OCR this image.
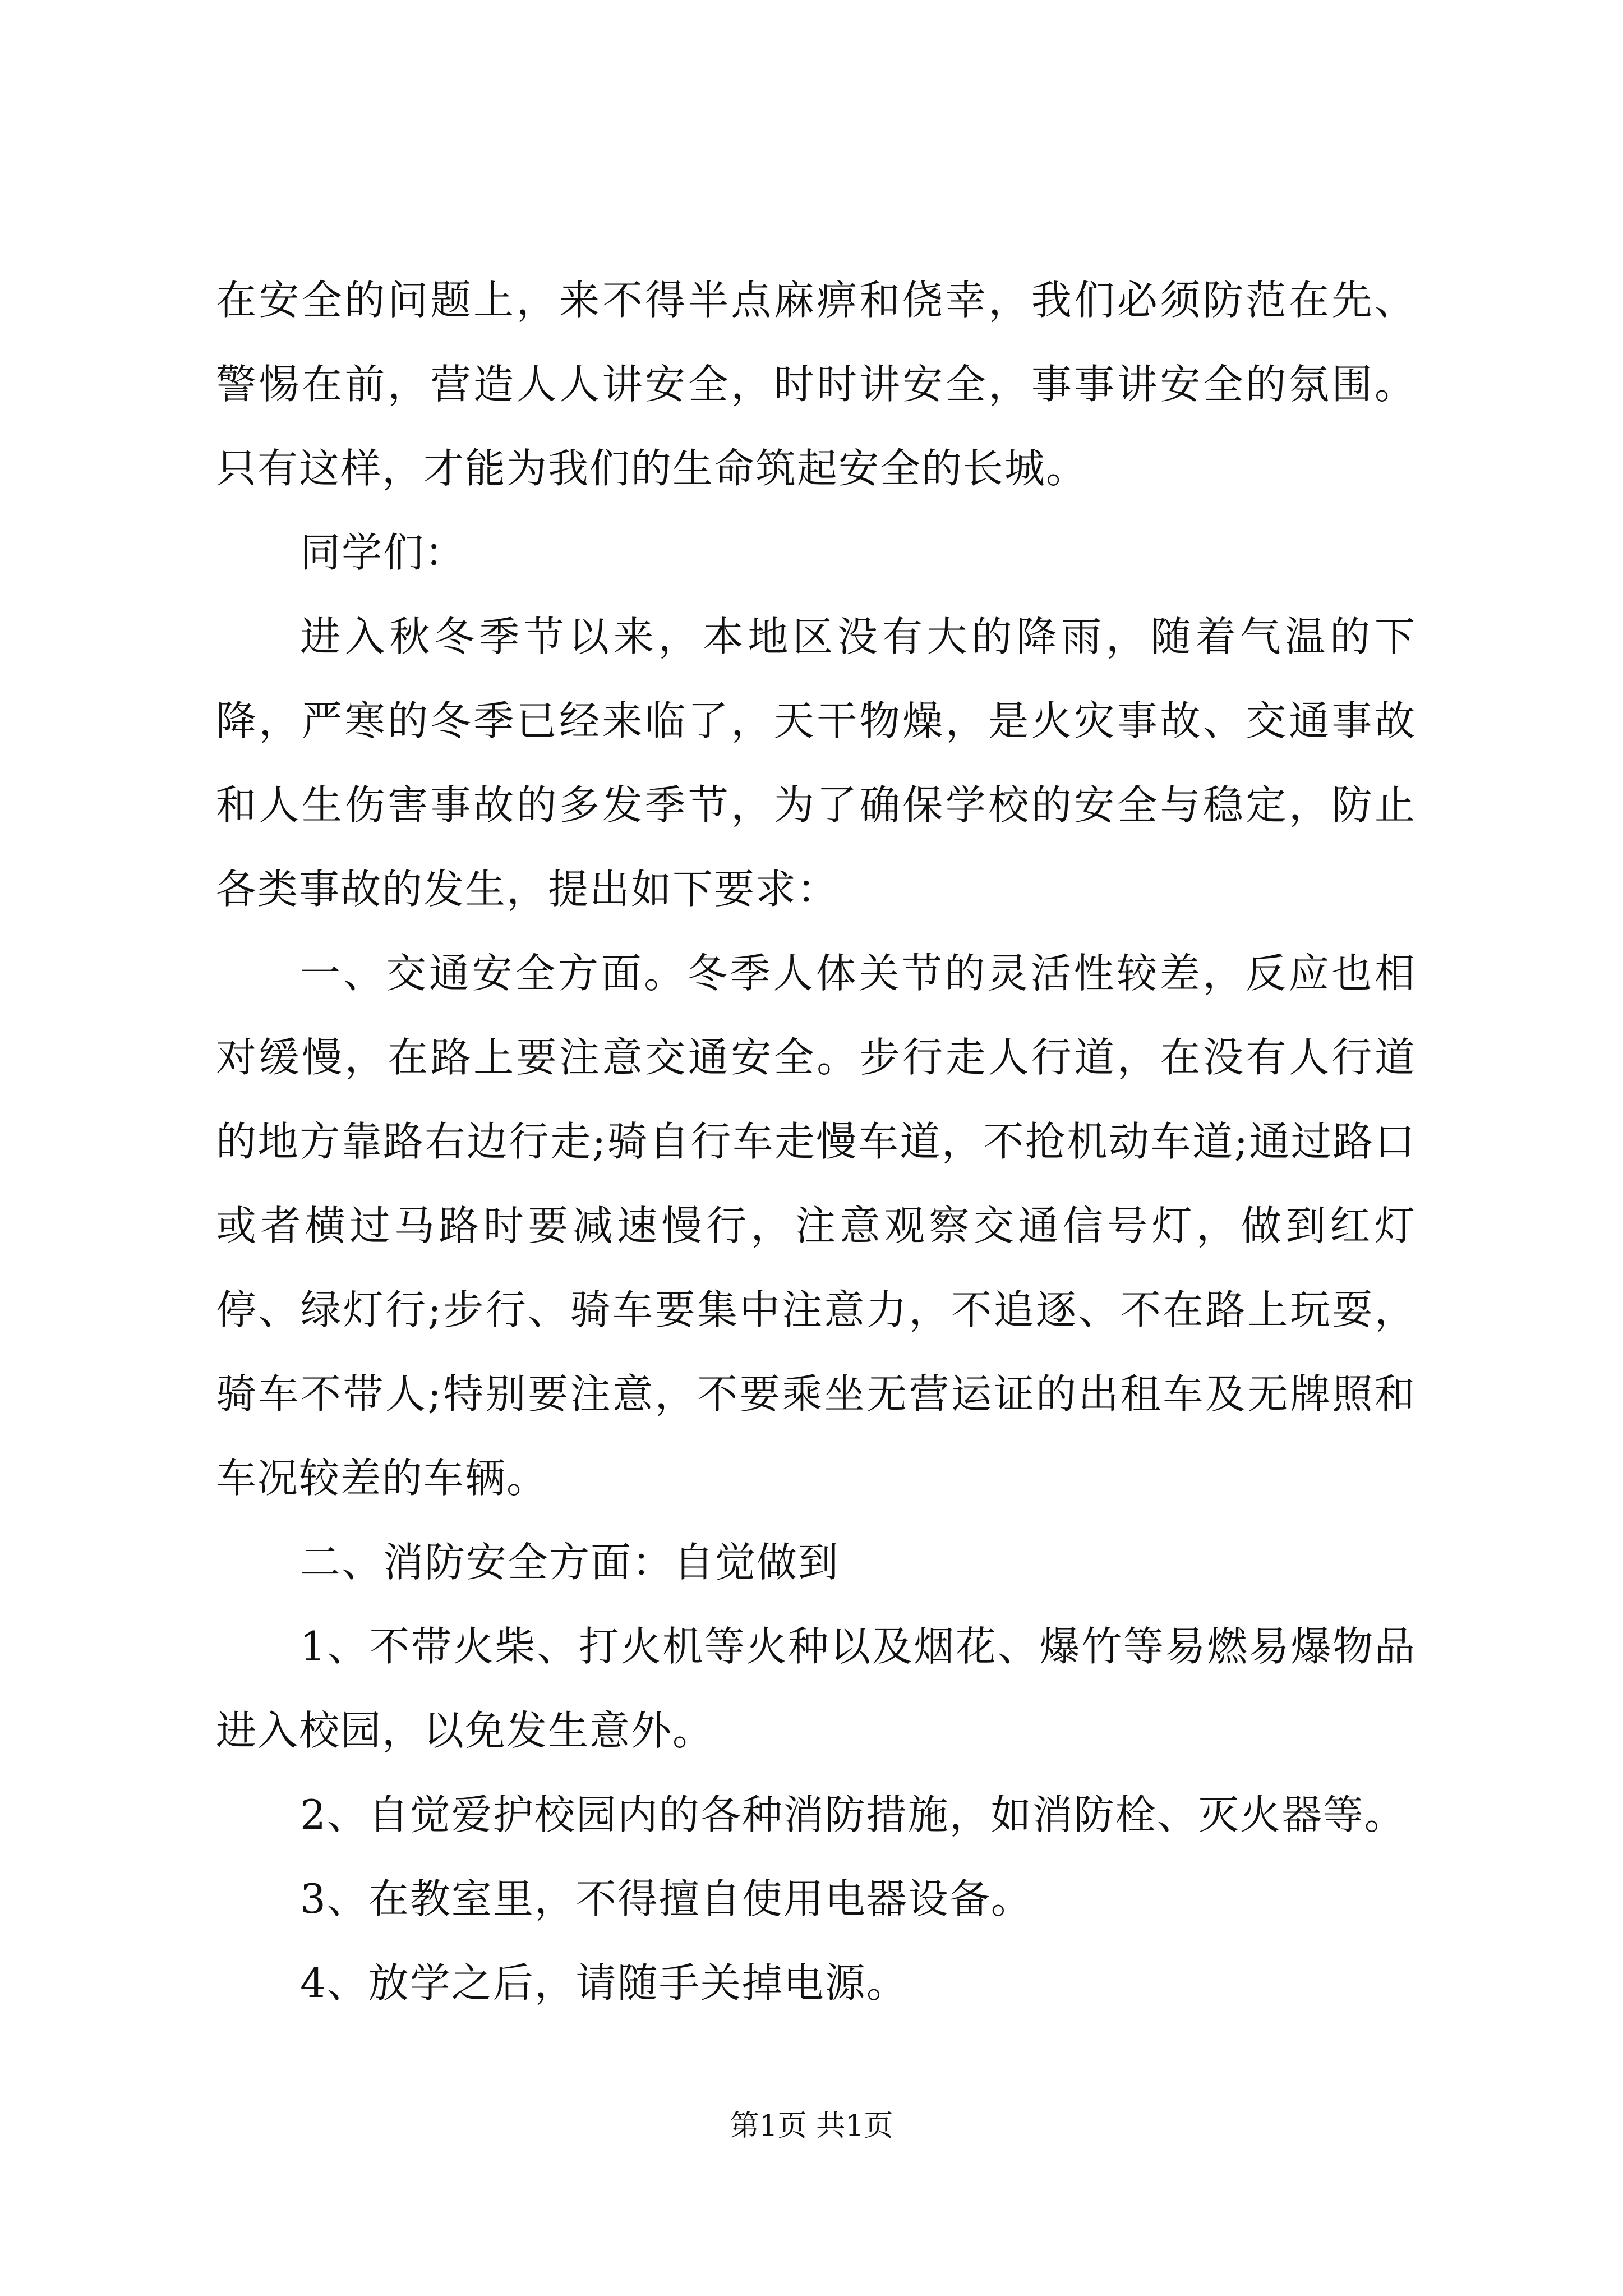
在安全的问题上，来不得半点麻痹和侥幸，我们必须防范在先、警惕在前，营造人人讲安全，时时讲安全，事事讲安全的氛围。只有这样，才能为我们的生命筑起安全的长城。

同学们：

进入秋冬季节以来，本地区没有大的降雨，随着气温的下降，严寒的冬季已经来临了，天干物燥，是火灾事故、交通事故和人生伤害事故的多发季节，为了确保学校的安全与稳定，防止各类事故的发生，提出如下要求：

一、交通安全方面。冬季人体关节的灵活性较差，反应也相对缓慢，在路上要注意交通安全。步行走人行道，在没有人行道的地方靠路右边行走;骑自行车走慢车道，不抢机动车道;通过路口或者横过马路时要减速慢行，注意观察交通信号灯，做到红灯停、绿灯行;步行、骑车要集中注意力，不追逐、不在路上玩耍，骑车不带人;特别要注意，不要乘坐无营运证的出租车及无牌照和车况较差的车辆。

二、消防安全方面：自觉做到

1、不带火柴、打火机等火种以及烟花、爆竹等易燃易爆物品进入校园，以免发生意外。

2、自觉爱护校园内的各种消防措施，如消防栓、灭火器等。

3、在教室里，不得擅自使用电器设备。

4、放学之后，请随手关掉电源。

第1页 共1页
